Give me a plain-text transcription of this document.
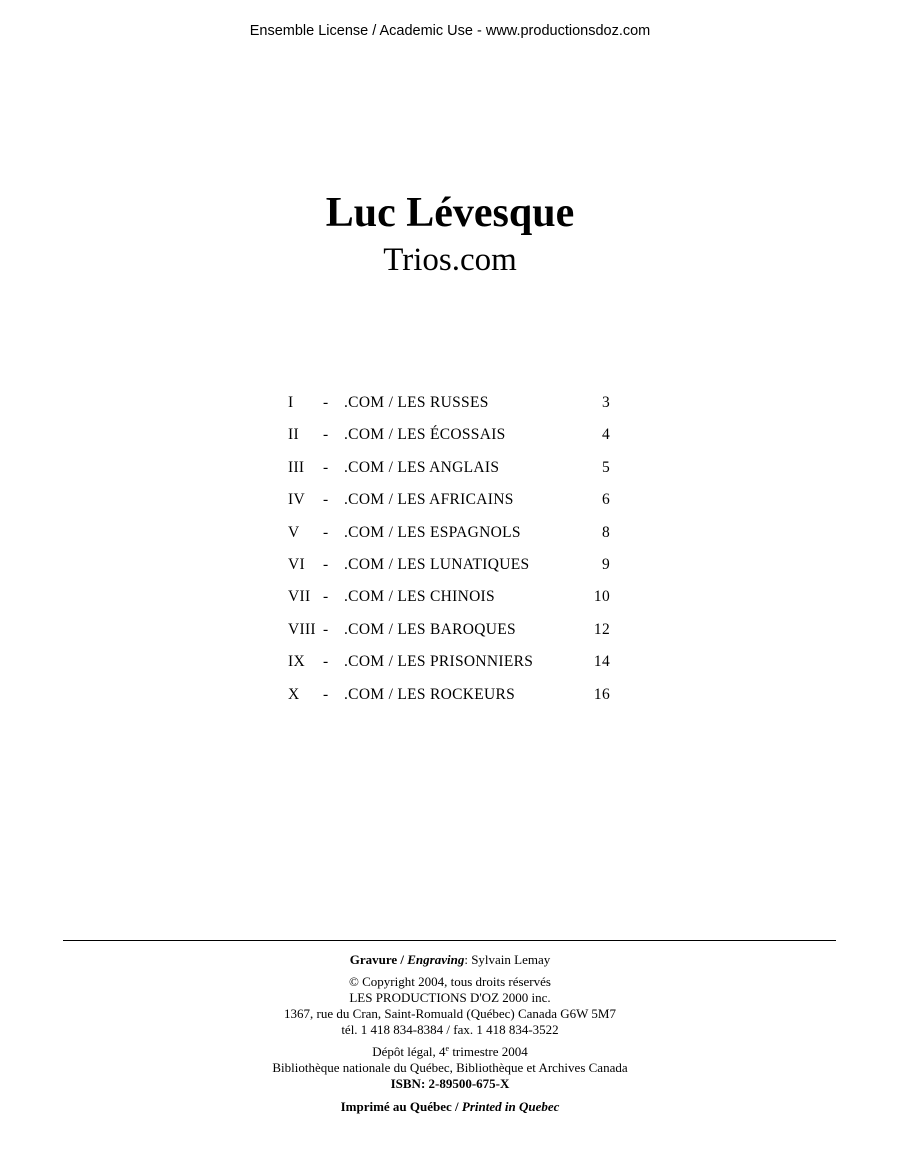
Ensemble License / Academic Use - www.productionsdoz.com
Luc Lévesque
Trios.com
I - .COM / LES RUSSES	3
II - .COM / LES ÉCOSSAIS	4
III - .COM / LES ANGLAIS	5
IV - .COM / LES AFRICAINS	6
V - .COM / LES ESPAGNOLS	8
VI - .COM / LES LUNATIQUES	9
VII - .COM / LES CHINOIS	10
VIII - .COM / LES BAROQUES	12
IX - .COM / LES PRISONNIERS	14
X - .COM / LES ROCKEURS	16
Gravure / Engraving: Sylvain Lemay
© Copyright 2004, tous droits réservés
LES PRODUCTIONS D'OZ 2000 inc.
1367, rue du Cran, Saint-Romuald (Québec) Canada G6W 5M7
tél. 1 418 834-8384 / fax. 1 418 834-3522
Dépôt légal, 4e trimestre 2004
Bibliothèque nationale du Québec, Bibliothèque et Archives Canada
ISBN: 2-89500-675-X
Imprimé au Québec / Printed in Quebec
